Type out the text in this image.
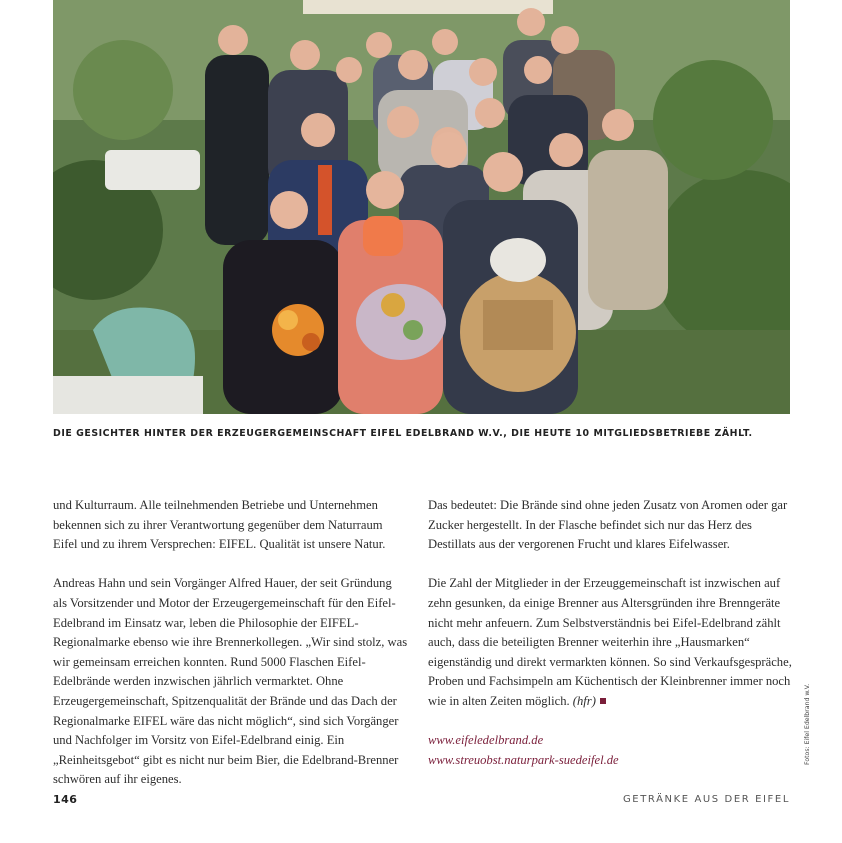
DIE GESICHTER HINTER DER ERZEUGERGEMEINSCHAFT EIFEL EDELBRAND W.V., DIE HEUTE 10 MITGLIEDSBETRIEBE ZÄHLT.

und Kulturraum. Alle teilnehmenden Betriebe und Unternehmen bekennen sich zu ihrer Verantwortung gegenüber dem Naturraum Eifel und zu ihrem Versprechen: EIFEL. Qualität ist unsere Natur.

Andreas Hahn und sein Vorgänger Alfred Hauer, der seit Gründung als Vorsitzender und Motor der Erzeugergemeinschaft für den Eifel-Edelbrand im Einsatz war, leben die Philosophie der EIFEL-Regionalmarke ebenso wie ihre Brennerkollegen. „Wir sind stolz, was wir gemeinsam erreichen konnten. Rund 5000 Flaschen Eifel-Edelbrände werden inzwischen jährlich vermarktet. Ohne Erzeugergemeinschaft, Spitzenqualität der Brände und das Dach der Regionalmarke EIFEL wäre das nicht möglich“, sind sich Vorgänger und Nachfolger im Vorsitz von Eifel-Edelbrand einig. Ein „Reinheitsgebot“ gibt es nicht nur beim Bier, die Edelbrand-Brenner schwören auf ihr eigenes.

Das bedeutet: Die Brände sind ohne jeden Zusatz von Aromen oder gar Zucker hergestellt. In der Flasche befindet sich nur das Herz des Destillats aus der vergorenen Frucht und klares Eifelwasser.

Die Zahl der Mitglieder in der Erzeuggemeinschaft ist inzwischen auf zehn gesunken, da einige Brenner aus Altersgründen ihre Brenngeräte nicht mehr anfeuern. Zum Selbstverständnis bei Eifel-Edelbrand zählt auch, dass die beteiligten Brenner weiterhin ihre „Hausmarken“ eigenständig und direkt vermarkten können. So sind Verkaufsgespräche, Proben und Fachsimpeln am Küchentisch der Kleinbrenner immer noch wie in alten Zeiten möglich. (hfr)

www.eifeledelbrand.de
www.streuobst.naturpark-suedeifel.de	Fotos: Eifel Edelbrand w.V.
146	GETRÄNKE AUS DER EIFEL
